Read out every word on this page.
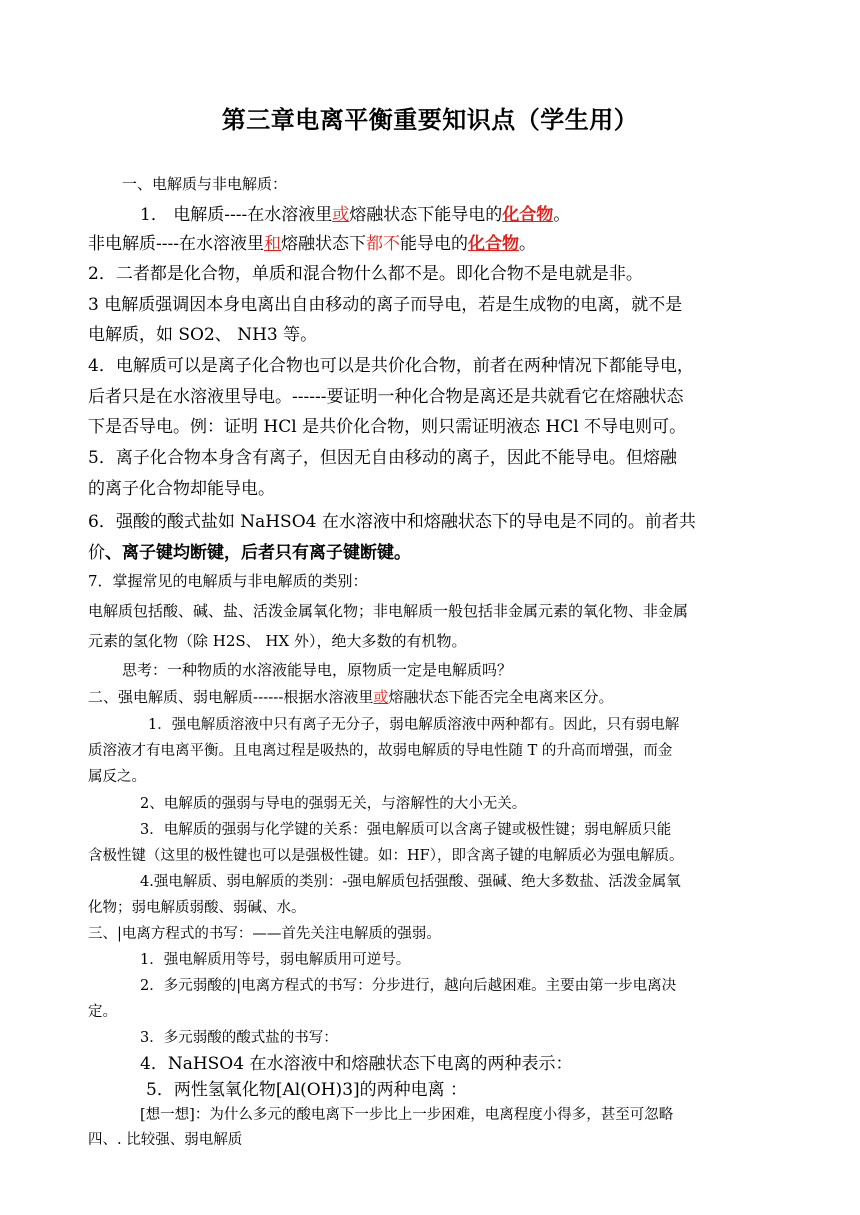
第三章电离平衡重要知识点（学生用）
一、电解质与非电解质：
1． 电解质----在水溶液里或熔融状态下能导电的化合物。
非电解质----在水溶液里和熔融状态下都不能导电的化合物。
2．二者都是化合物，单质和混合物什么都不是。即化合物不是电就是非。
3 电解质强调因本身电离出自由移动的离子而导电，若是生成物的电离，就不是
电解质，如 SO2、 NH3 等。
4．电解质可以是离子化合物也可以是共价化合物，前者在两种情况下都能导电，
后者只是在水溶液里导电。------要证明一种化合物是离还是共就看它在熔融状态
下是否导电。例：证明 HCl 是共价化合物，则只需证明液态 HCl 不导电则可。
5．离子化合物本身含有离子，但因无自由移动的离子，因此不能导电。但熔融
的离子化合物却能导电。
6．强酸的酸式盐如 NaHSO4 在水溶液中和熔融状态下的导电是不同的。前者共
价、离子键均断键，后者只有离子键断键。
7．掌握常见的电解质与非电解质的类别：
电解质包括酸、碱、盐、活泼金属氧化物；非电解质一般包括非金属元素的氧化物、非金属
元素的氢化物（除 H2S、 HX 外），绝大多数的有机物。
思考：一种物质的水溶液能导电，原物质一定是电解质吗？
二、强电解质、弱电解质------根据水溶液里或熔融状态下能否完全电离来区分。
1．强电解质溶液中只有离子无分子，弱电解质溶液中两种都有。因此，只有弱电解
质溶液才有电离平衡。且电离过程是吸热的，故弱电解质的导电性随 T 的升高而增强，而金
属反之。
2、电解质的强弱与导电的强弱无关，与溶解性的大小无关。
3．电解质的强弱与化学键的关系：强电解质可以含离子键或极性键；弱电解质只能
含极性键（这里的极性键也可以是强极性键。如：HF），即含离子键的电解质必为强电解质。
4.强电解质、弱电解质的类别：-强电解质包括强酸、强碱、绝大多数盐、活泼金属氧
化物；弱电解质弱酸、弱碱、水。
三、|电离方程式的书写：——首先关注电解质的强弱。
1．强电解质用等号，弱电解质用可逆号。
2．多元弱酸的|电离方程式的书写：分步进行，越向后越困难。主要由第一步电离决
定。
3．多元弱酸的酸式盐的书写：
4．NaHSO4 在水溶液中和熔融状态下电离的两种表示：
5．两性氢氧化物[Al(OH)3]的两种电离 ：
[想一想]：为什么多元的酸电离下一步比上一步困难，电离程度小得多，甚至可忽略
四、. 比较强、弱电解质
